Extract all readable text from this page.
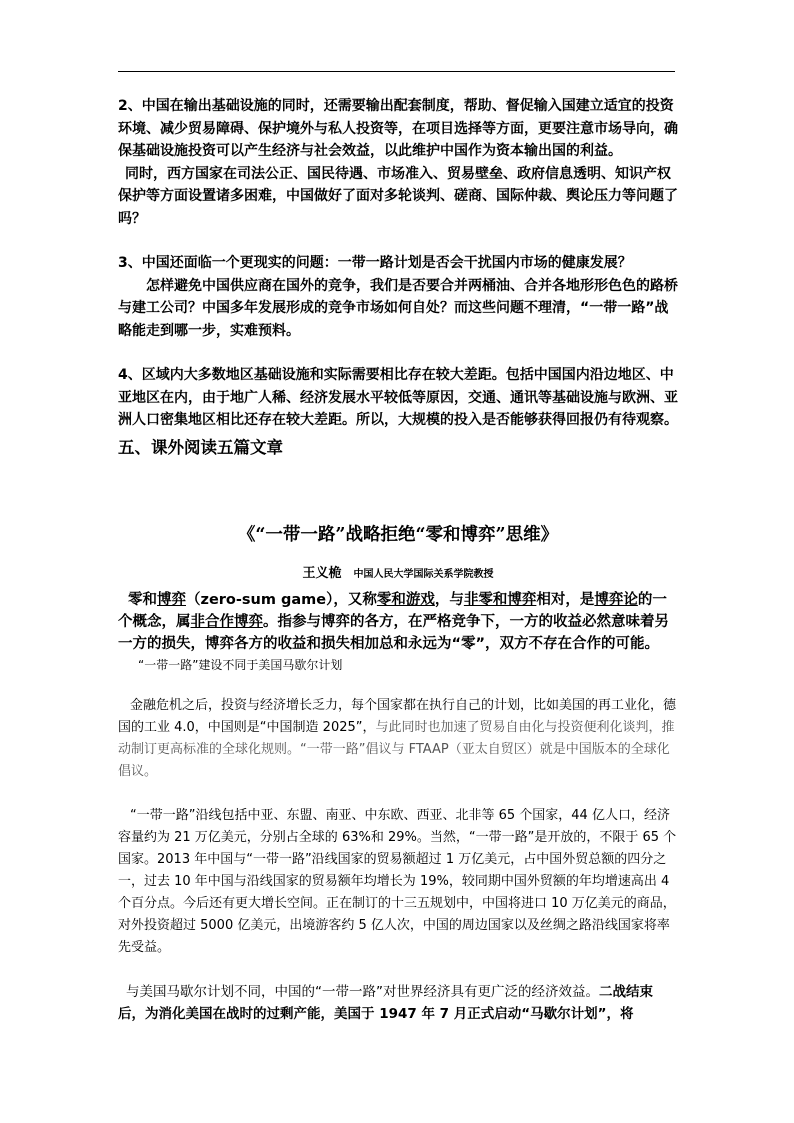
2、中国在输出基础设施的同时，还需要输出配套制度，帮助、督促输入国建立适宜的投资环境、减少贸易障碍、保护境外与私人投资等，在项目选择等方面，更要注意市场导向，确保基础设施投资可以产生经济与社会效益，以此维护中国作为资本输出国的利益。

同时，西方国家在司法公正、国民待遇、市场准入、贸易壁垒、政府信息透明、知识产权保护等方面设置诸多困难，中国做好了面对多轮谈判、磋商、国际仲裁、舆论压力等问题了吗？

3、中国还面临一个更现实的问题：一带一路计划是否会干扰国内市场的健康发展？

怎样避免中国供应商在国外的竞争，我们是否要合并两桶油、合并各地形形色色的路桥与建工公司？中国多年发展形成的竞争市场如何自处？而这些问题不理清，“一带一路”战略能走到哪一步，实难预料。

4、区域内大多数地区基础设施和实际需要相比存在较大差距。包括中国国内沿边地区、中亚地区在内，由于地广人稀、经济发展水平较低等原因，交通、通讯等基础设施与欧洲、亚洲人口密集地区相比还存在较大差距。所以，大规模的投入是否能够获得回报仍有待观察。

五、课外阅读五篇文章

《“一带一路”战略拒绝“零和博弈”思维》

王义桅 中国人民大学国际关系学院教授

零和博弈（zero-sum game），又称零和游戏，与非零和博弈相对，是博弈论的一个概念，属非合作博弈。指参与博弈的各方，在严格竞争下，一方的收益必然意味着另一方的损失，博弈各方的收益和损失相加总和永远为“零”，双方不存在合作的可能。

“一带一路”建设不同于美国马歇尔计划

金融危机之后，投资与经济增长乏力，每个国家都在执行自己的计划，比如美国的再工业化，德国的工业 4.0，中国则是“中国制造 2025”，与此同时也加速了贸易自由化与投资便利化谈判，推动制订更高标准的全球化规则。“一带一路”倡议与 FTAAP（亚太自贸区）就是中国版本的全球化倡议。

“一带一路”沿线包括中亚、东盟、南亚、中东欧、西亚、北非等 65 个国家，44 亿人口，经济容量约为 21 万亿美元，分别占全球的 63%和 29%。当然，“一带一路”是开放的，不限于 65 个国家。2013 年中国与“一带一路”沿线国家的贸易额超过 1 万亿美元，占中国外贸总额的四分之一，过去 10 年中国与沿线国家的贸易额年均增长为 19%，较同期中国外贸额的年均增速高出 4 个百分点。今后还有更大增长空间。正在制订的十三五规划中，中国将进口 10 万亿美元的商品，对外投资超过 5000 亿美元，出境游客约 5 亿人次，中国的周边国家以及丝绸之路沿线国家将率先受益。

与美国马歇尔计划不同，中国的“一带一路”对世界经济具有更广泛的经济效益。二战结束后，为消化美国在战时的过剩产能，美国于 1947 年 7 月正式启动“马歇尔计划”，将
